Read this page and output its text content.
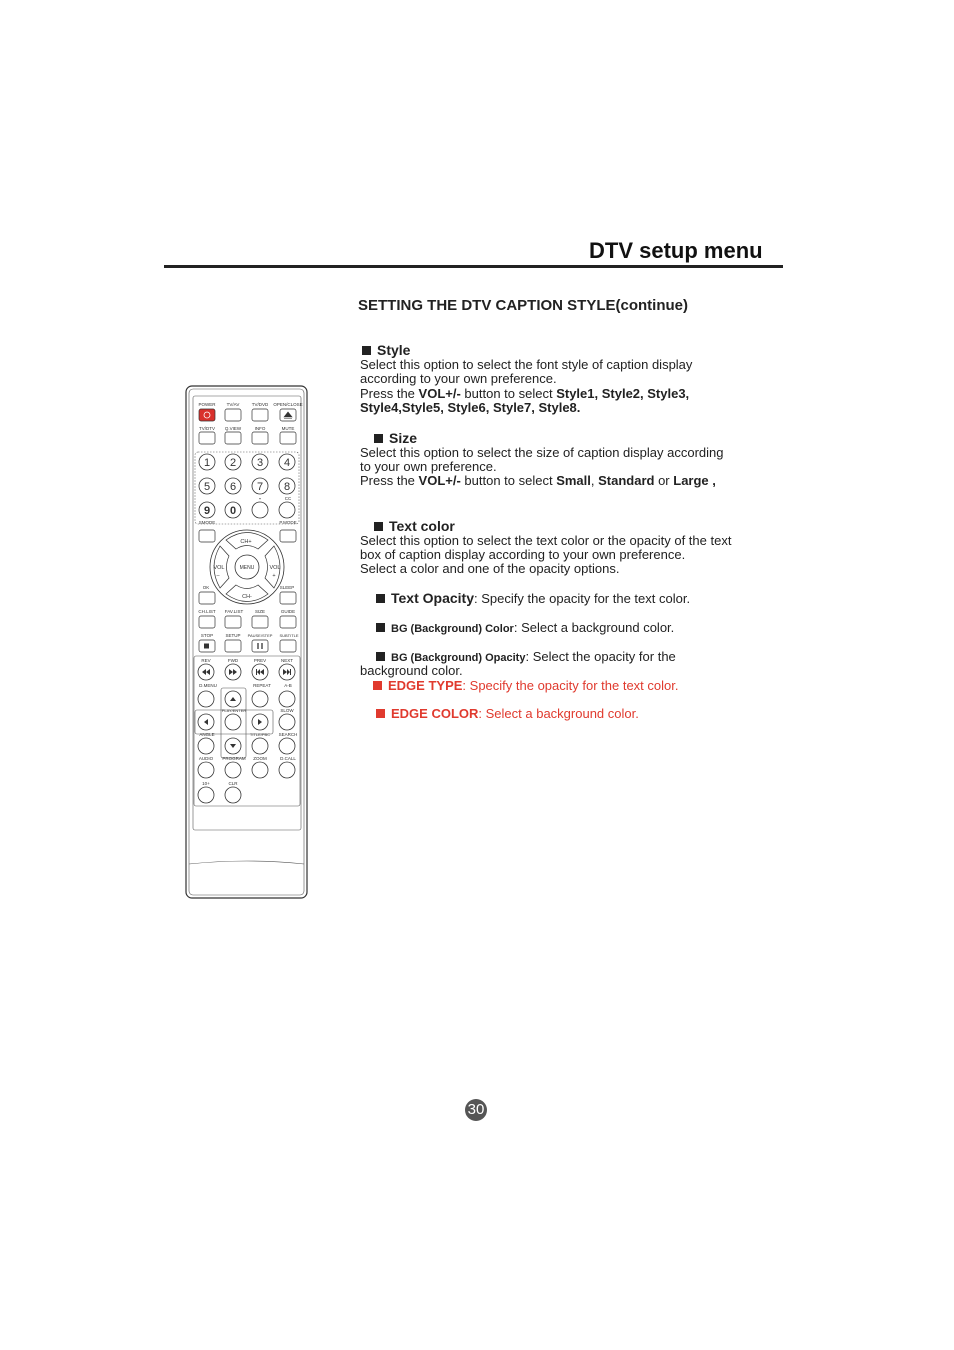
DTV setup menu
SETTING THE DTV CAPTION STYLE(continue)
Style
Select this option to select the font style of caption display
according to your own preference.
Press the VOL+/- button to select Style1, Style2, Style3,
Style4,Style5, Style6, Style7, Style8.
Size
Select this option to select the size of caption display according
to your own preference.
Press the VOL+/- button to select Small, Standard or Large ,
Text color
Select this option to select the text color or the opacity of the text
box of caption display according to your own preference.
Select a color and one of the opacity options.
Text Opacity: Specify the opacity for the text color.
BG (Background) Color: Select a background color.
BG (Background) Opacity: Select the opacity for the
background color.
EDGE TYPE: Specify the opacity for the text color.
EDGE COLOR: Select a background color.
30
POWER TV/AV	TV/DVD OPEN/CLOSE
TV/DTV Q.VIEW	INFO	MUTE
1 2 3 4
5 6 7 8
9 0
-	CC
P.MODE
SMODE
CH+
CH-
VOL	VOL
–	+
MENU
OK	SLEEP
CH.LIST FAV.LIST	SIZE	GUIDE
STOP	SETUP PAUSE/STEP SUBTITLE
REV	FWD	PREV	NEXT
D.MENU	REPEAT	A-B
PLAY/ENTER	SLOW
ANGLE	TITLE/PBC SEARCH
AUDIO PROGRAM ZOOM	D.CALL
10+	CLR
